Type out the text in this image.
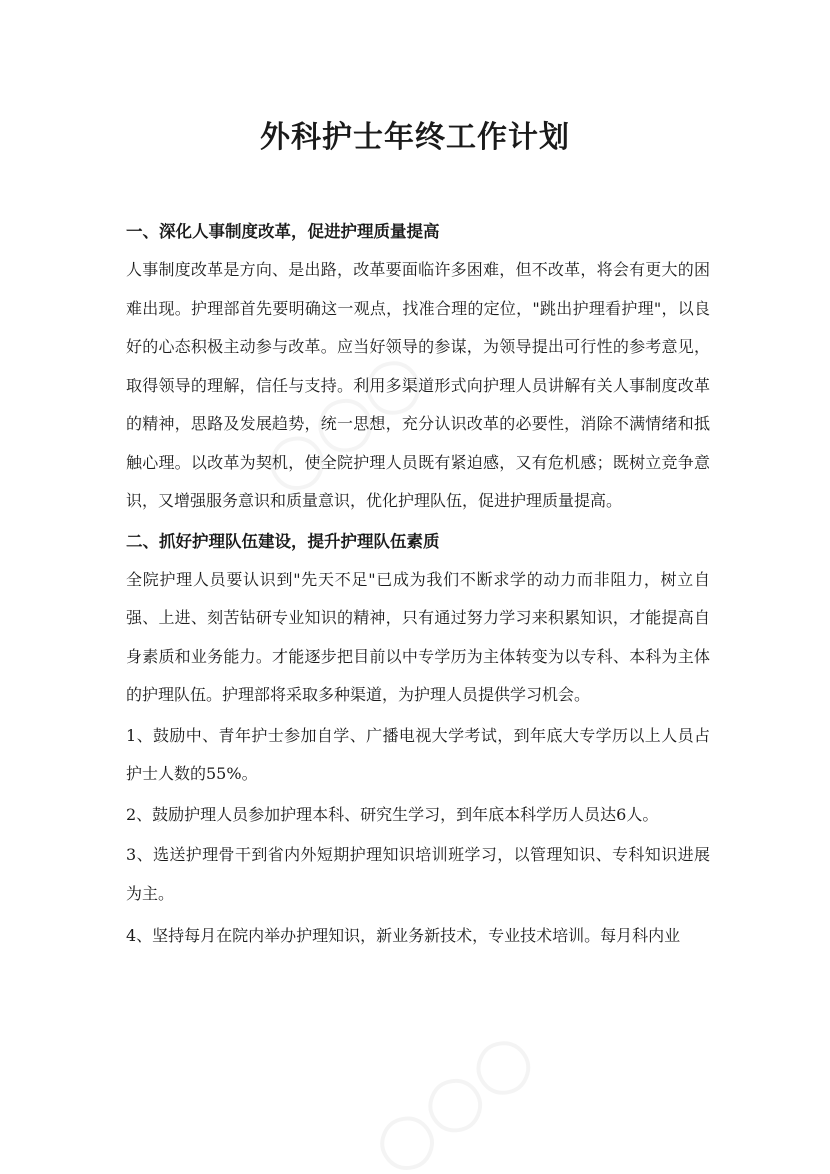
外科护士年终工作计划
一、深化人事制度改革，促进护理质量提高

人事制度改革是方向、是出路，改革要面临许多困难，但不改革，将会有更大的困难出现。护理部首先要明确这一观点，找准合理的定位，"跳出护理看护理"，以良好的心态积极主动参与改革。应当好领导的参谋，为领导提出可行性的参考意见，取得领导的理解，信任与支持。利用多渠道形式向护理人员讲解有关人事制度改革的精神，思路及发展趋势，统一思想，充分认识改革的必要性，消除不满情绪和抵触心理。以改革为契机，使全院护理人员既有紧迫感，又有危机感；既树立竞争意识，又增强服务意识和质量意识，优化护理队伍，促进护理质量提高。

二、抓好护理队伍建设，提升护理队伍素质

全院护理人员要认识到"先天不足"已成为我们不断求学的动力而非阻力，树立自强、上进、刻苦钻研专业知识的精神，只有通过努力学习来积累知识，才能提高自身素质和业务能力。才能逐步把目前以中专学历为主体转变为以专科、本科为主体的护理队伍。护理部将采取多种渠道，为护理人员提供学习机会。

1、鼓励中、青年护士参加自学、广播电视大学考试，到年底大专学历以上人员占护士人数的55%。

2、鼓励护理人员参加护理本科、研究生学习，到年底本科学历人员达6人。

3、选送护理骨干到省内外短期护理知识培训班学习，以管理知识、专科知识进展为主。

4、坚持每月在院内举办护理知识，新业务新技术，专业技术培训。每月科内业
